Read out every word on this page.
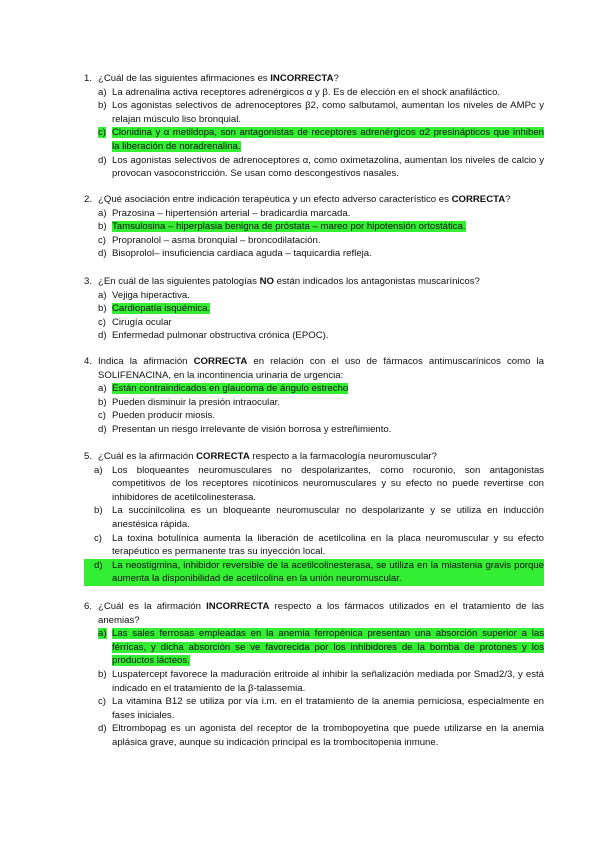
1. ¿Cuál de las siguientes afirmaciones es INCORRECTA?
a) La adrenalina activa receptores adrenérgicos α y β. Es de elección en el shock anafiláctico.
b) Los agonistas selectivos de adrenoceptores β2, como salbutamol, aumentan los niveles de AMPc y relajan músculo liso bronquial.
c) Clonidina y α metildopa, son antagonistas de receptores adrenérgicos α2 presinápticos que inhiben la liberación de noradrenalina.
d) Los agonistas selectivos de adrenoceptores α, como oximetazolina, aumentan los niveles de calcio y provocan vasoconstricción. Se usan como descongestivos nasales.
2. ¿Qué asociación entre indicación terapéutica y un efecto adverso característico es CORRECTA?
a) Prazosina – hipertensión arterial – bradicardia marcada.
b) Tamsulosina – hiperplasia benigna de próstata – mareo por hipotensión ortostática.
c) Propranolol – asma bronquial – broncodilatación.
d) Bisoprolol– insuficiencia cardiaca aguda – taquicardia refleja.
3. ¿En cuál de las siguientes patologías NO están indicados los antagonistas muscarínicos?
a) Vejiga hiperactiva.
b) Cardiopatía isquémica.
c) Cirugía ocular
d) Enfermedad pulmonar obstructiva crónica (EPOC).
4. Indica la afirmación CORRECTA en relación con el uso de fármacos antimuscarínicos como la SOLIFENACINA, en la incontinencia urinaria de urgencia:
a) Están contraindicados en glaucoma de ángulo estrecho
b) Pueden disminuir la presión intraocular.
c) Pueden producir miosis.
d) Presentan un riesgo irrelevante de visión borrosa y estreñimiento.
5. ¿Cuál es la afirmación CORRECTA respecto a la farmacología neuromuscular?
a) Los bloqueantes neuromusculares no despolarizantes, como rocuronio, son antagonistas competitivos de los receptores nicotínicos neuromusculares y su efecto no puede revertirse con inhibidores de acetilcolinesterasa.
b) La succinilcolina es un bloqueante neuromuscular no despolarizante y se utiliza en inducción anestésica rápida.
c)	La toxina botulínica aumenta la liberación de acetilcolina en la placa neuromuscular y su efecto terapéutico es permanente tras su inyección local.
d) La neostigmina, inhibidor reversible de la acetilcolinesterasa, se utiliza en la miastenia gravis porque aumenta la disponibilidad de acetilcolina en la unión neuromuscular.
6. ¿Cuál es la afirmación INCORRECTA respecto a los fármacos utilizados en el tratamiento de las anemias?
a) Las sales ferrosas empleadas en la anemia ferropénica presentan una absorción superior a las férricas, y dicha absorción se ve favorecida por los inhibidores de la bomba de protones y los productos lácteos.
b) Luspatercept favorece la maduración eritroide al inhibir la señalización mediada por Smad2/3, y está indicado en el tratamiento de la β-talassemia.
c) La vitamina B12 se utiliza por vía i.m. en el tratamiento de la anemia perniciosa, especialmente en fases iniciales.
d) Eltrombopag es un agonista del receptor de la trombopoyetina que puede utilizarse en la anemia aplásica grave, aunque su indicación principal es la trombocitopenia inmune.
